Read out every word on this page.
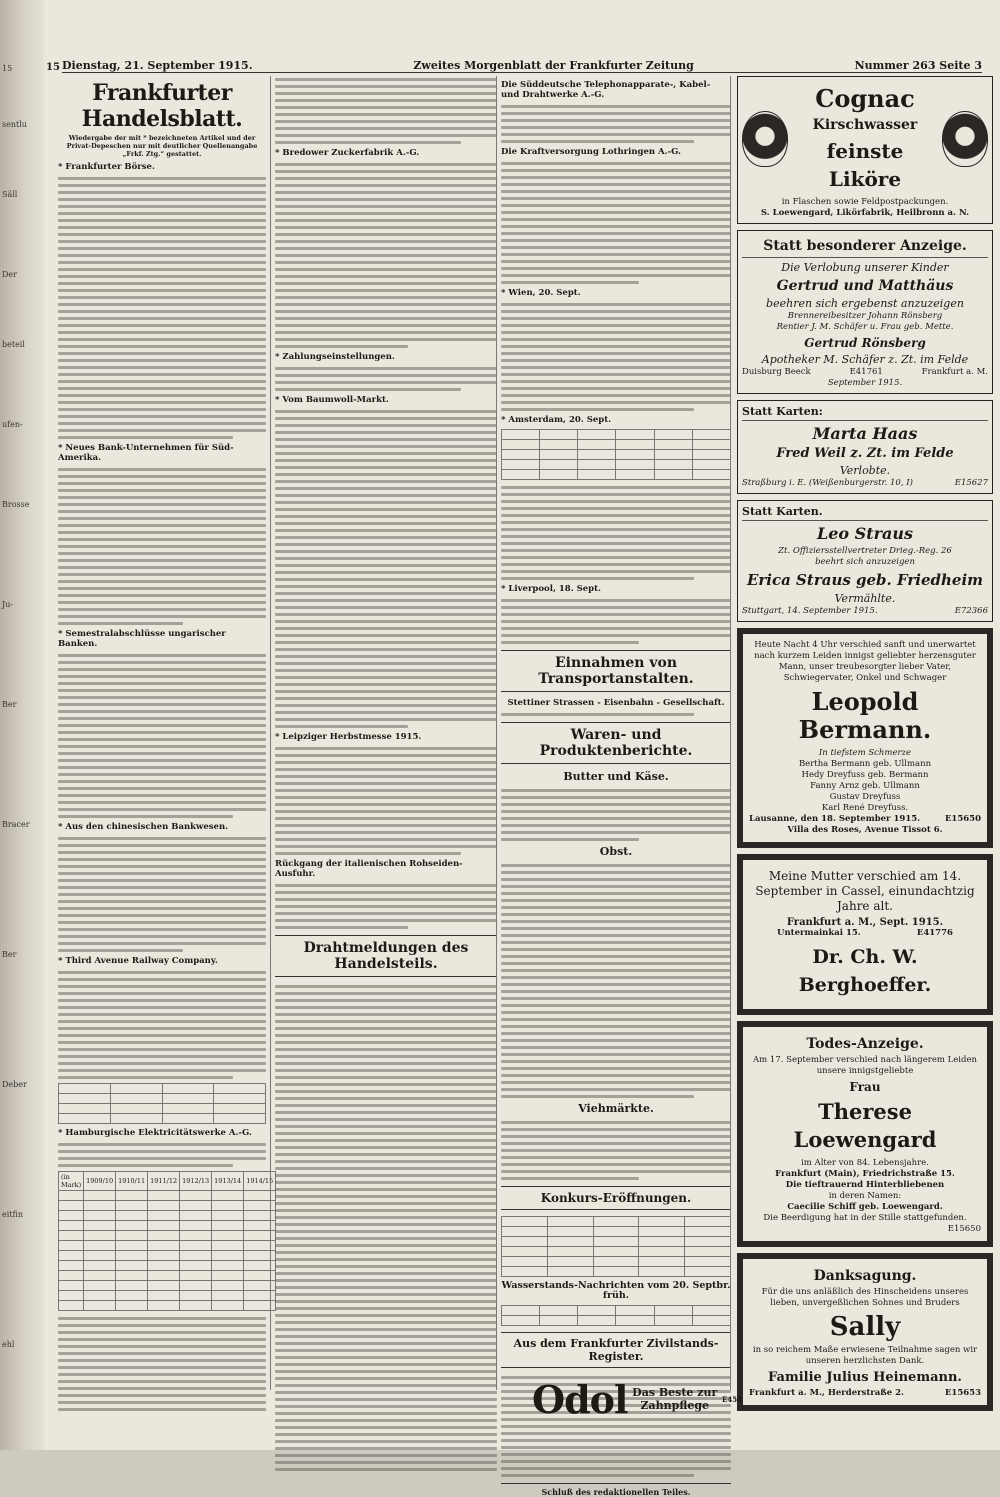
15
sentlu
Säll
Der
beteil
ufen-
Brosse
Ju-
Ber
Bracer
Ber
Deber
eitfin
ehl
15 Dienstag, 21. September 1915.	Zweites Morgenblatt der Frankfurter Zeitung	Nummer 263 Seite 3
Frankfurter Handelsblatt.
Wiedergabe der mit * bezeichneten Artikel und der Privat-Depeschen nur mit deutlicher Quellenangabe „Frkf. Ztg.“ gestattet.
* Frankfurter Börse.
* Neues Bank-Unternehmen für Süd-Amerika.
* Semestralabschlüsse ungarischer Banken.
* Aus den chinesischen Bankwesen.
* Third Avenue Railway Company.

* Hamburgische Elektricitätswerke A.-G.
(in Mark)	1909/10	1910/11	1911/12	1912/13	1913/14	1914/15

* Bredower Zuckerfabrik A.-G.
* Zahlungseinstellungen.
* Vom Baumwoll-Markt.
* Leipziger Herbstmesse 1915.
Rückgang der italienischen Rohseiden-Ausfuhr.
Drahtmeldungen des Handelsteils.
Die Süddeutsche Telephonapparate-, Kabel- und Drahtwerke A.-G.
Die Kraftversorgung Lothringen A.-G.
* Wien, 20. Sept.
* Amsterdam, 20. Sept.

* Liverpool, 18. Sept.
Einnahmen von Transportanstalten.
Stettiner Strassen - Eisenbahn - Gesellschaft.
Waren- und Produktenberichte.
Butter und Käse.
Obst.
Viehmärkte.
Konkurs-Eröffnungen.

Wasserstands-Nachrichten vom 20. Septbr. früh.

Aus dem Frankfurter Zivilstands-Register.
Schluß des redaktionellen Teiles.
Cognac
Kirschwasser
feinste Liköre
in Flaschen sowie Feldpostpackungen.
S. Loewengard, Likörfabrik, Heilbronn a. N.
Statt besonderer Anzeige.
Die Verlobung unserer Kinder
Gertrud und Matthäus
beehren sich ergebenst anzuzeigen
Brennereibesitzer Johann Rönsberg
Rentier J. M. Schäfer u. Frau geb. Mette.
Gertrud Rönsberg
Apotheker M. Schäfer z. Zt. im Felde
Duisburg Beeck	E41761	Frankfurt a. M.
September 1915.
Statt Karten:
Marta Haas
Fred Weil z. Zt. im Felde
Verlobte.
Straßburg i. E. (Weißenburgerstr. 10, I)	E15627
Statt Karten.
Leo Straus
Zt. Offiziersstellvertreter Drieg.-Reg. 26
beehrt sich anzuzeigen
Erica Straus geb. Friedheim
Vermählte.
Stuttgart, 14. September 1915.	E72366
Heute Nacht 4 Uhr verschied sanft und unerwartet nach kurzem Leiden innigst geliebter herzensguter Mann, unser treubesorgter lieber Vater, Schwiegervater, Onkel und Schwager
Leopold Bermann.
In tiefstem Schmerze
Bertha Bermann geb. Ullmann
Hedy Dreyfuss geb. Bermann
Fanny Arnz geb. Ullmann
Gustav Dreyfuss
Karl René Dreyfuss.
Lausanne, den 18. September 1915.	E15650
Villa des Roses, Avenue Tissot 6.
Meine Mutter verschied am 14. September in Cassel, einundachtzig Jahre alt.
Frankfurt a. M., Sept. 1915.
Untermainkai 15.	E41776
Dr. Ch. W. Berghoeffer.
Todes-Anzeige.
Am 17. September verschied nach längerem Leiden unsere innigstgeliebte
Frau
Therese Loewengard
im Alter von 84. Lebensjahre.
Frankfurt (Main), Friedrichstraße 15.
Die tieftrauernd Hinterbliebenen
in deren Namen:
Caecilie Schiff geb. Loewengard.
Die Beerdigung hat in der Stille stattgefunden.
E15650
Danksagung.
Für die uns anläßlich des Hinscheidens unseres lieben, unvergeßlichen Sohnes und Bruders
Sally
in so reichem Maße erwiesene Teilnahme sagen wir unseren herzlichsten Dank.
Familie Julius Heinemann.
Frankfurt a. M., Herderstraße 2.	E15653
Odol Das Beste zur Zahnpflege	E454
